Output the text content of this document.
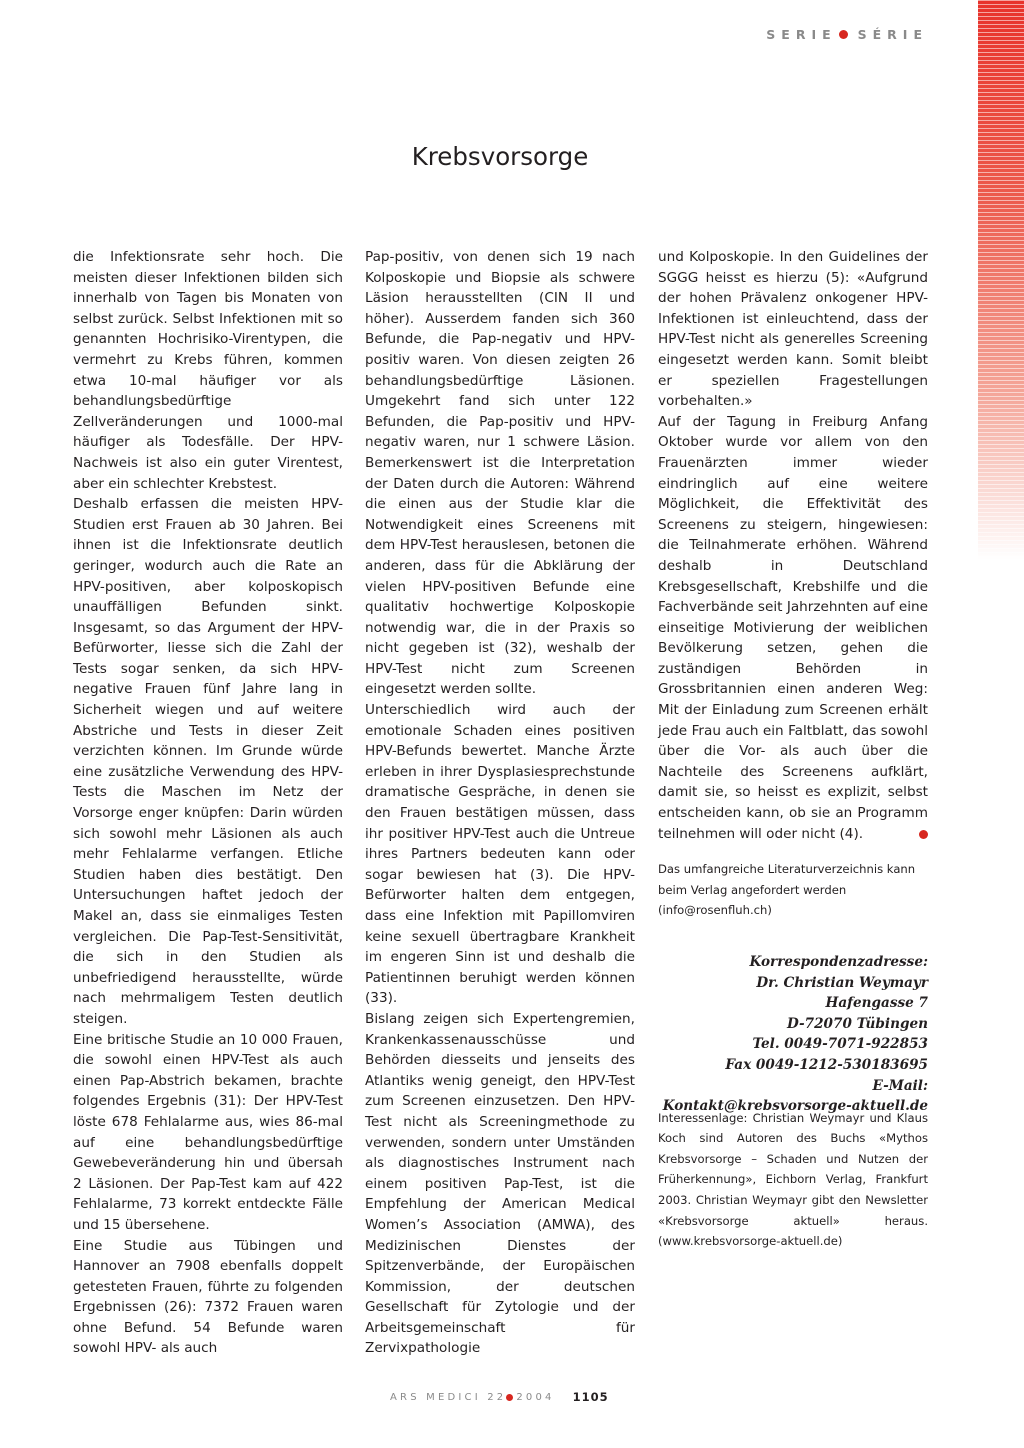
SERIE SÉRIE
Krebsvorsorge

die Infektionsrate sehr hoch. Die meisten dieser Infektionen bilden sich innerhalb von Tagen bis Monaten von selbst zurück. Selbst Infektionen mit so genannten Hochrisiko-Virentypen, die vermehrt zu Krebs führen, kommen etwa 10-mal häufiger vor als behandlungsbedürftige Zellveränderungen und 1000-mal häufiger als Todesfälle. Der HPV-Nachweis ist also ein guter Virentest, aber ein schlechter Krebstest.

Deshalb erfassen die meisten HPV-Studien erst Frauen ab 30 Jahren. Bei ihnen ist die Infektionsrate deutlich geringer, wodurch auch die Rate an HPV-positiven, aber kolposkopisch unauffälligen Befunden sinkt. Insgesamt, so das Argument der HPV-Befürworter, liesse sich die Zahl der Tests sogar senken, da sich HPV-negative Frauen fünf Jahre lang in Sicherheit wiegen und auf weitere Abstriche und Tests in dieser Zeit verzichten können. Im Grunde würde eine zusätzliche Verwendung des HPV-Tests die Maschen im Netz der Vorsorge enger knüpfen: Darin würden sich sowohl mehr Läsionen als auch mehr Fehlalarme verfangen. Etliche Studien haben dies bestätigt. Den Untersuchungen haftet jedoch der Makel an, dass sie einmaliges Testen vergleichen. Die Pap-Test-Sensitivität, die sich in den Studien als unbefriedigend herausstellte, würde nach mehrmaligem Testen deutlich steigen.

Eine britische Studie an 10 000 Frauen, die sowohl einen HPV-Test als auch einen Pap-Abstrich bekamen, brachte folgendes Ergebnis (31): Der HPV-Test löste 678 Fehlalarme aus, wies 86-mal auf eine behandlungsbedürftige Gewebeveränderung hin und übersah 2 Läsionen. Der Pap-Test kam auf 422 Fehlalarme, 73 korrekt entdeckte Fälle und 15 übersehene.

Eine Studie aus Tübingen und Hannover an 7908 ebenfalls doppelt getesteten Frauen, führte zu folgenden Ergebnissen (26): 7372 Frauen waren ohne Befund. 54 Befunde waren sowohl HPV- als auch

Pap-positiv, von denen sich 19 nach Kolposkopie und Biopsie als schwere Läsion herausstellten (CIN II und höher). Ausserdem fanden sich 360 Befunde, die Pap-negativ und HPV-positiv waren. Von diesen zeigten 26 behandlungsbedürftige Läsionen. Umgekehrt fand sich unter 122 Befunden, die Pap-positiv und HPV-negativ waren, nur 1 schwere Läsion. Bemerkenswert ist die Interpretation der Daten durch die Autoren: Während die einen aus der Studie klar die Notwendigkeit eines Screenens mit dem HPV-Test herauslesen, betonen die anderen, dass für die Abklärung der vielen HPV-positiven Befunde eine qualitativ hochwertige Kolposkopie notwendig war, die in der Praxis so nicht gegeben ist (32), weshalb der HPV-Test nicht zum Screenen eingesetzt werden sollte.

Unterschiedlich wird auch der emotionale Schaden eines positiven HPV-Befunds bewertet. Manche Ärzte erleben in ihrer Dysplasiesprechstunde dramatische Gespräche, in denen sie den Frauen bestätigen müssen, dass ihr positiver HPV-Test auch die Untreue ihres Partners bedeuten kann oder sogar bewiesen hat (3). Die HPV-Befürworter halten dem entgegen, dass eine Infektion mit Papillomviren keine sexuell übertragbare Krankheit im engeren Sinn ist und deshalb die Patientinnen beruhigt werden können (33).

Bislang zeigen sich Expertengremien, Krankenkassenausschüsse und Behörden diesseits und jenseits des Atlantiks wenig geneigt, den HPV-Test zum Screenen einzusetzen. Den HPV-Test nicht als Screeningmethode zu verwenden, sondern unter Umständen als diagnostisches Instrument nach einem positiven Pap-Test, ist die Empfehlung der American Medical Women’s Association (AMWA), des Medizinischen Dienstes der Spitzenverbände, der Europäischen Kommission, der deutschen Gesellschaft für Zytologie und der Arbeitsgemeinschaft für Zervixpathologie

und Kolposkopie. In den Guidelines der SGGG heisst es hierzu (5): «Aufgrund der hohen Prävalenz onkogener HPV-Infektionen ist einleuchtend, dass der HPV-Test nicht als generelles Screening eingesetzt werden kann. Somit bleibt er speziellen Fragestellungen vorbehalten.»

Auf der Tagung in Freiburg Anfang Oktober wurde vor allem von den Frauenärzten immer wieder eindringlich auf eine weitere Möglichkeit, die Effektivität des Screenens zu steigern, hingewiesen: die Teilnahmerate erhöhen. Während deshalb in Deutschland Krebsgesellschaft, Krebshilfe und die Fachverbände seit Jahrzehnten auf eine einseitige Motivierung der weiblichen Bevölkerung setzen, gehen die zuständigen Behörden in Grossbritannien einen anderen Weg: Mit der Einladung zum Screenen erhält jede Frau auch ein Faltblatt, das sowohl über die Vor- als auch über die Nachteile des Screenens aufklärt, damit sie, so heisst es explizit, selbst entscheiden kann, ob sie an Programm teilnehmen will oder nicht (4).

Das umfangreiche Literaturverzeichnis kann beim Verlag angefordert werden (info@rosenfluh.ch)

Korrespondenzadresse:
Dr. Christian Weymayr
Hafengasse 7
D-72070 Tübingen
Tel. 0049-7071-922853
Fax 0049-1212-530183695
E-Mail:
Kontakt@krebsvorsorge-aktuell.de

Interessenlage: Christian Weymayr und Klaus Koch sind Autoren des Buchs «Mythos Krebsvorsorge – Schaden und Nutzen der Früherkennung», Eichborn Verlag, Frankfurt 2003. Christian Weymayr gibt den Newsletter «Krebsvorsorge aktuell» heraus. (www.krebsvorsorge-aktuell.de)

ARS MEDICI 22 2004 1105
